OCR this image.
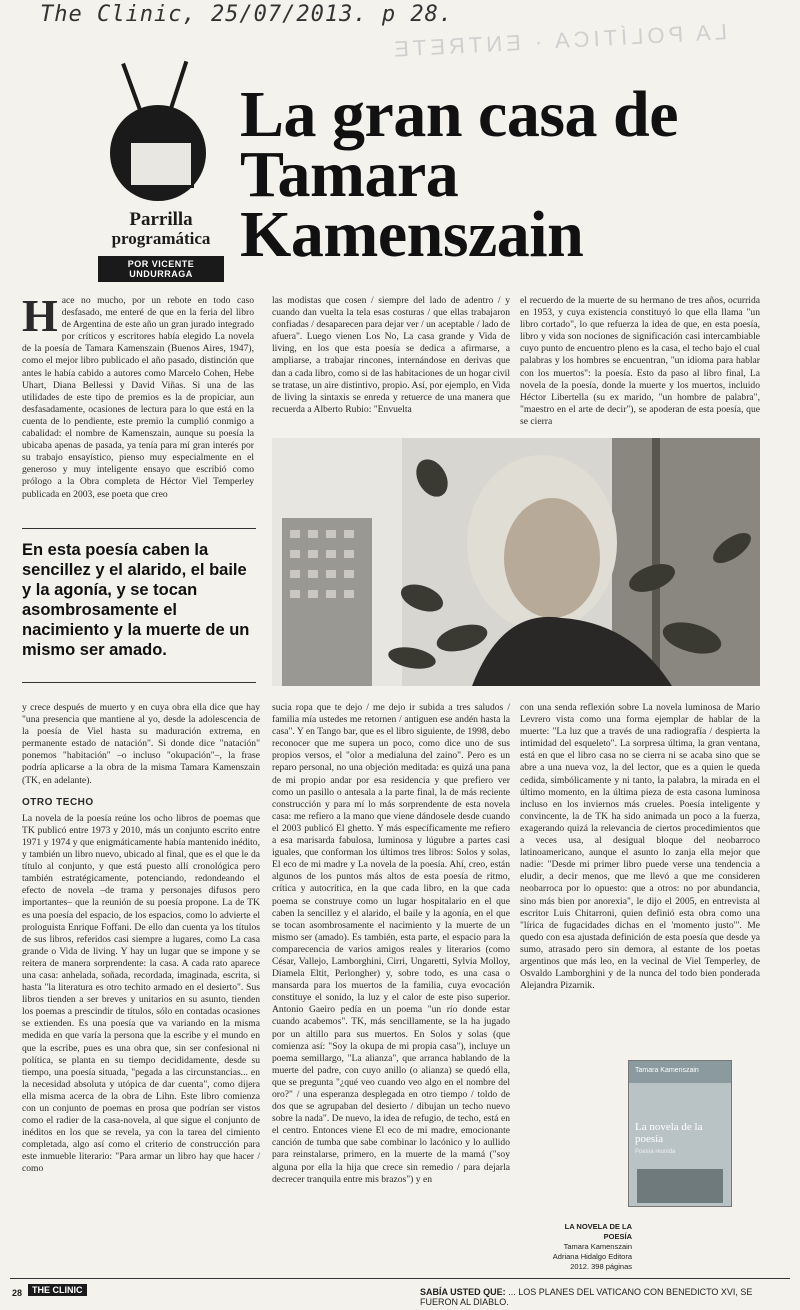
The Clinic, 25/07/2013. p 28.
LA POLÍTICA · ENTRETE
Parrilla
programática
POR VICENTE UNDURRAGA
La gran casa de Tamara Kamenszain
Hace no mucho, por un rebote en todo caso desfasado, me enteré de que en la feria del libro de Argentina de este año un gran jurado integrado por críticos y escritores había elegido La novela de la poesía de Tamara Kamenszain (Buenos Aires, 1947), como el mejor libro publicado el año pasado, distinción que antes le había cabido a autores como Marcelo Cohen, Hebe Uhart, Diana Bellessi y David Viñas. Si una de las utilidades de este tipo de premios es la de propiciar, aun desfasadamente, ocasiones de lectura para lo que está en la cuenta de lo pendiente, este premio la cumplió conmigo a cabalidad: el nombre de Kamenszain, aunque su poesía la ubicaba apenas de pasada, ya tenía para mí gran interés por su trabajo ensayístico, pienso muy especialmente en el generoso y muy inteligente ensayo que escribió como prólogo a la Obra completa de Héctor Viel Temperley publicada en 2003, ese poeta que creo
En esta poesía caben la sencillez y el alarido, el baile y la agonía, y se tocan asombrosamente el nacimiento y la muerte de un mismo ser amado.
las modistas que cosen / siempre del lado de adentro / y cuando dan vuelta la tela esas costuras / que ellas trabajaron confiadas / desaparecen para dejar ver / un aceptable / lado de afuera". Luego vienen Los No, La casa grande y Vida de living, en los que esta poesía se dedica a afirmarse, a ampliarse, a trabajar rincones, internándose en derivas que dan a cada libro, como si de las habitaciones de un hogar civil se tratase, un aire distintivo, propio. Así, por ejemplo, en Vida de living la sintaxis se enreda y retuerce de una manera que recuerda a Alberto Rubio: "Envuelta
el recuerdo de la muerte de su hermano de tres años, ocurrida en 1953, y cuya existencia constituyó lo que ella llama "un libro cortado", lo que refuerza la idea de que, en esta poesía, libro y vida son nociones de significación casi intercambiable cuyo punto de encuentro pleno es la casa, el techo bajo el cual palabras y los hombres se encuentran, "un idioma para hablar con los muertos": la poesía. Esto da paso al libro final, La novela de la poesía, donde la muerte y los muertos, incluido Héctor Libertella (su ex marido, "un hombre de palabra", "maestro en el arte de decir"), se apoderan de esta poesía, que se cierra
y crece después de muerto y en cuya obra ella dice que hay "una presencia que mantiene al yo, desde la adolescencia de la poesía de Viel hasta su maduración extrema, en permanente estado de natación". Si donde dice "natación" ponemos "habitación" –o incluso "okupación"–, la frase podría aplicarse a la obra de la misma Tamara Kamenszain (TK, en adelante).
OTRO TECHO
La novela de la poesía reúne los ocho libros de poemas que TK publicó entre 1973 y 2010, más un conjunto escrito entre 1971 y 1974 y que enigmáticamente había mantenido inédito, y también un libro nuevo, ubicado al final, que es el que le da título al conjunto, y que está puesto allí cronológica pero también estratégicamente, potenciando, redondeando el efecto de novela –de trama y personajes difusos pero importantes– que la reunión de su poesía propone. La de TK es una poesía del espacio, de los espacios, como lo advierte el prologuista Enrique Foffani. De ello dan cuenta ya los títulos de sus libros, referidos casi siempre a lugares, como La casa grande o Vida de living. Y hay un lugar que se impone y se reitera de manera sorprendente: la casa. A cada rato aparece una casa: anhelada, soñada, recordada, imaginada, escrita, si hasta "la literatura es otro techito armado en el desierto". Sus libros tienden a ser breves y unitarios en su asunto, tienden los poemas a prescindir de títulos, sólo en contadas ocasiones se extienden. Es una poesía que va variando en la misma medida en que varía la persona que la escribe y el mundo en que la escribe, pues es una obra que, sin ser confesional ni política, se planta en su tiempo decididamente, desde su tiempo, una poesía situada, "pegada a las circunstancias... en la necesidad absoluta y utópica de dar cuenta", como dijera ella misma acerca de la obra de Lihn. Este libro comienza con un conjunto de poemas en prosa que podrían ser vistos como el radier de la casa-novela, al que sigue el conjunto de inéditos en los que se revela, ya con la tarea del cimiento completada, algo así como el criterio de construcción para este inmueble literario: "Para armar un libro hay que hacer / como
sucia ropa que te dejo / me dejo ir subida a tres saludos / familia mía ustedes me retornen / antiguen ese andén hasta la casa". Y en Tango bar, que es el libro siguiente, de 1998, debo reconocer que me supera un poco, como dice uno de sus propios versos, el "olor a medialuna del zaino". Pero es un reparo personal, no una objeción meditada: es quizá una pana de mi propio andar por esa residencia y que prefiero ver como un pasillo o antesala a la parte final, la de más reciente construcción y para mí lo más sorprendente de esta novela casa: me refiero a la mano que viene dándosele desde cuando el 2003 publicó El ghetto. Y más específicamente me refiero a esa marisarda fabulosa, luminosa y lúgubre a partes casi iguales, que conforman los últimos tres libros: Solos y solas, El eco de mi madre y La novela de la poesía. Ahí, creo, están algunos de los puntos más altos de esta poesía de ritmo, crítica y autocrítica, en la que cada libro, en la que cada poema se construye como un lugar hospitalario en el que caben la sencillez y el alarido, el baile y la agonía, en el que se tocan asombrosamente el nacimiento y la muerte de un mismo ser (amado). Es también, esta parte, el espacio para la comparecencia de varios amigos reales y literarios (como César, Vallejo, Lamborghini, Cirri, Ungaretti, Sylvia Molloy, Diamela Eltit, Perlongher) y, sobre todo, es una casa o mansarda para los muertos de la familia, cuya evocación constituye el sonido, la luz y el calor de este piso superior. Antonio Gaeiro pedía en un poema "un río donde estar cuando acabemos". TK, más sencillamente, se la ha jugado por un altillo para sus muertos. En Solos y solas (que comienza así: "Soy la okupa de mi propia casa"), incluye un poema semillargo, "La alianza", que arranca hablando de la muerte del padre, con cuyo anillo (o alianza) se quedó ella, que se pregunta "¿qué veo cuando veo algo en el nombre del oro?" / una esperanza desplegada en otro tiempo / toldo de dos que se agrupaban del desierto / dibujan un techo nuevo sobre la nada". De nuevo, la idea de refugio, de techo, está en el centro. Entonces viene El eco de mi madre, emocionante canción de tumba que sabe combinar lo lacónico y lo aullido para reinstalarse, primero, en la muerte de la mamá ("soy alguna por ella la hija que crece sin remedio / para dejarla decrecer tranquila entre mis brazos") y en
con una senda reflexión sobre La novela luminosa de Mario Levrero vista como una forma ejemplar de hablar de la muerte: "La luz que a través de una radiografía / despierta la intimidad del esqueleto". La sorpresa última, la gran ventana, está en que el libro casa no se cierra ni se acaba sino que se abre a una nueva voz, la del lector, que es a quien le queda cedida, simbólicamente y ni tanto, la palabra, la mirada en el último momento, en la última pieza de esta casona luminosa incluso en los inviernos más crueles. Poesía inteligente y convincente, la de TK ha sido animada un poco a la fuerza, exagerando quizá la relevancia de ciertos procedimientos que a veces usa, al desigual bloque del neobarroco latinoamericano, aunque el asunto lo zanja ella mejor que nadie: "Desde mi primer libro puede verse una tendencia a eludir, a decir menos, que me llevó a que me consideren neobarroca por lo opuesto: que a otros: no por abundancia, sino más bien por anorexia", le dijo el 2005, en entrevista al escritor Luis Chitarroni, quien definió esta obra como una "lírica de fugacidades dichas en el 'momento justo'". Me quedo con esa ajustada definición de esta poesía que desde ya sumo, atrasado pero sin demora, al estante de los poetas argentinos que más leo, en la vecinal de Viel Temperley, de Osvaldo Lamborghini y de la nunca del todo bien ponderada Alejandra Pizarnik.
Tamara Kamenszain
La novela de la poesía
Poesía reunida
LA NOVELA DE LA POESÍA
Tamara Kamenszain
Adriana Hidalgo Editora
2012. 398 páginas
28	THE CLINIC	SABÍA USTED QUE: ... LOS PLANES DEL VATICANO CON BENEDICTO XVI, SE FUERON AL DIABLO.
